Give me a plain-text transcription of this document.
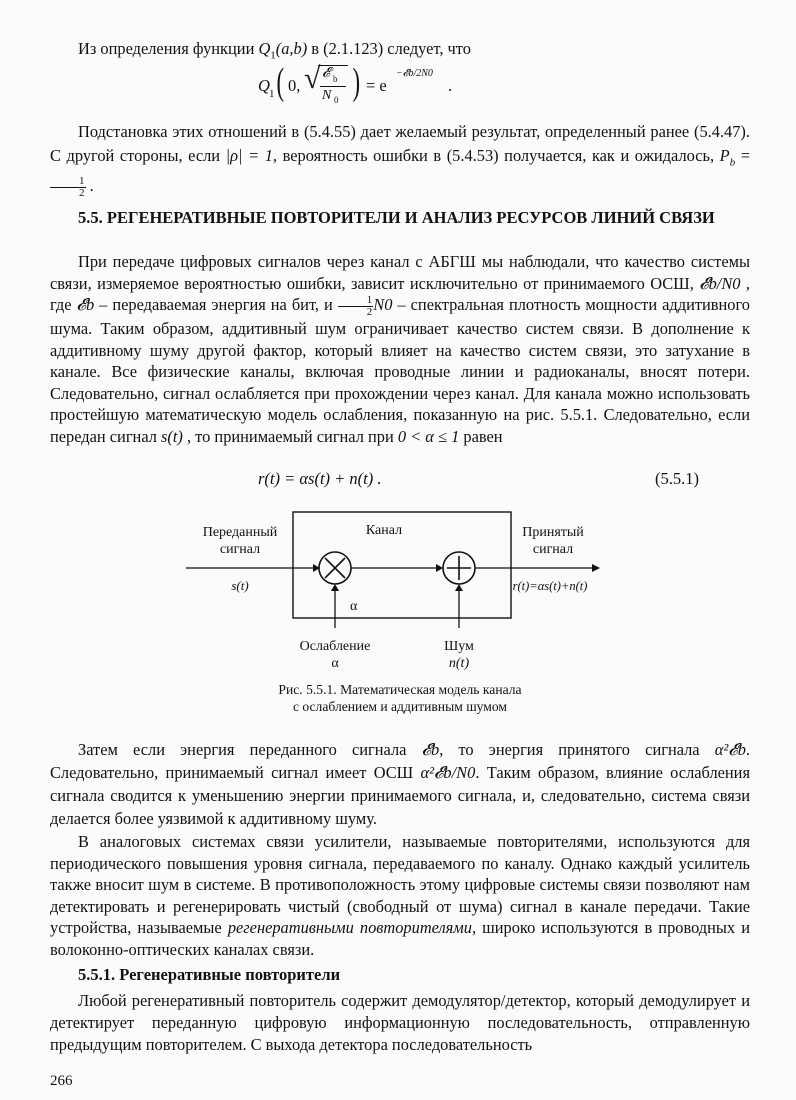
Из определения функции $Q_1(a,b)$ в (2.1.123) следует, что

Q 1 ( 0, √ 𝓔 b
N 0 ) = e
−𝓔b/2N0
.

Подстановка этих отношений в (5.4.55) дает желаемый результат, определенный ранее (5.4.47). С другой стороны, если |ρ| = 1, вероятность ошибки в (5.4.53) получается, как и ожидалось, $P_b$ =
$\frac{1}{2}$ .

5.5. РЕГЕНЕРАТИВНЫЕ ПОВТОРИТЕЛИ И АНАЛИЗ РЕСУРСОВ ЛИНИЙ СВЯЗИ

При передаче цифровых сигналов через канал с АБГШ мы наблюдали, что качество системы связи, измеряемое вероятностью ошибки, зависит исключительно от принимаемого ОСШ, 𝓔b/N0 , где 𝓔b – передаваемая энергия на бит, и $\frac{1}{2} N0$ – спектральная плотность мощности аддитивного шума. Таким образом, аддитивный шум ограничивает качество систем связи. В дополнение к аддитивному шуму другой фактор, который влияет на качество систем связи, это затухание в канале. Все физические каналы, включая проводные линии и радиоканалы, вносят потери. Следовательно, сигнал ослабляется при прохождении через канал. Для канала можно использовать простейшую математическую модель ослабления, показанную на рис. 5.5.1. Следовательно, если передан сигнал s(t) , то принимаемый сигнал при 0 < α ≤ 1 равен

r(t) = αs(t) + n(t) .	(5.5.1)
Переданный
сигнал
Канал	Принятый
сигнал
s(t)	r(t)=αs(t)+n(t)
α
Ослабление
α
Шум
n(t)
Рис. 5.5.1. Математическая модель канала
с ослаблением и аддитивным шумом

Затем если энергия переданного сигнала 𝓔b, то энергия принятого сигнала α²𝓔b. Следовательно, принимаемый сигнал имеет ОСШ α²𝓔b/N0. Таким образом, влияние ослабления сигнала сводится к уменьшению энергии принимаемого сигнала, и, следовательно, система связи делается более уязвимой к аддитивному шуму.

В аналоговых системах связи усилители, называемые повторителями, используются для периодического повышения уровня сигнала, передаваемого по каналу. Однако каждый усилитель также вносит шум в системе. В противоположность этому цифровые системы связи позволяют нам детектировать и регенерировать чистый (свободный от шума) сигнал в канале передачи. Такие устройства, называемые регенеративными повторителями, широко используются в проводных и волоконно-оптических каналах связи.

5.5.1. Регенеративные повторители

Любой регенеративный повторитель содержит демодулятор/детектор, который демодулирует и детектирует переданную цифровую информационную последовательность, отправленную предыдущим повторителем. С выхода детектора последовательность

266
